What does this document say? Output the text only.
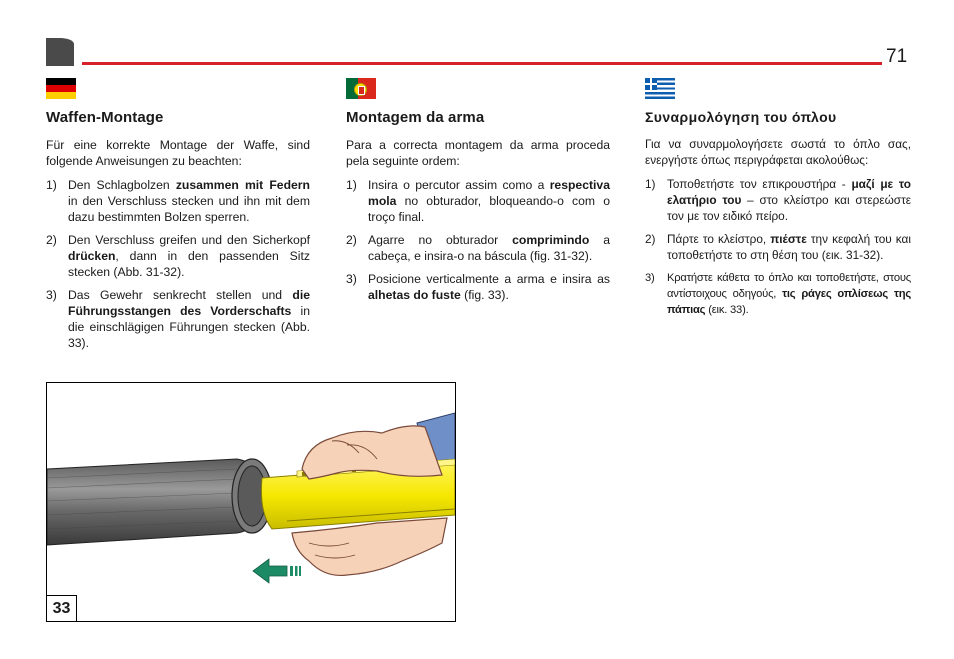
71
Waffen-Montage

Für eine korrekte Montage der Waffe, sind folgende Anweisungen zu beachten:

1) Den Schlagbolzen zusammen mit Federn in den Verschluss stecken und ihn mit dem dazu bestimmten Bolzen sperren.
2) Den Verschluss greifen und den Sicherkopf drücken, dann in den passenden Sitz stecken (Abb. 31-32).
3) Das Gewehr senkrecht stellen und die Führungsstangen des Vorderschafts in die einschlägigen Führungen stecken (Abb. 33).
Montagem da arma

Para a correcta montagem da arma proceda pela seguinte ordem:

1) Insira o percutor assim como a respectiva mola no obturador, bloqueando-o com o troço final.
2) Agarre no obturador comprimindo a cabeça, e insira-o na báscula (fig. 31-32).
3) Posicione verticalmente a arma e insira as alhetas do fuste (fig. 33).
Συναρμολόγηση του όπλου

Για να συναρμολογήσετε σωστά το όπλο σας, ενεργήστε όπως περιγράφεται ακολούθως:

1) Τοποθετήστε τον επικρουστήρα - μαζί με το ελατήριο του – στο κλείστρο και στερεώστε τον με τον ειδικό πείρο.
2) Πάρτε το κλείστρο, πιέστε την κεφαλή του και τοποθετήστε το στη θέση του (εικ. 31-32).
3)	Κρατήστε κάθετα το όπλο και τοποθετήστε, στους αντίστοιχους οδηγούς, τις ράγες οπλίσεως της πάπιας (εικ. 33).
33
